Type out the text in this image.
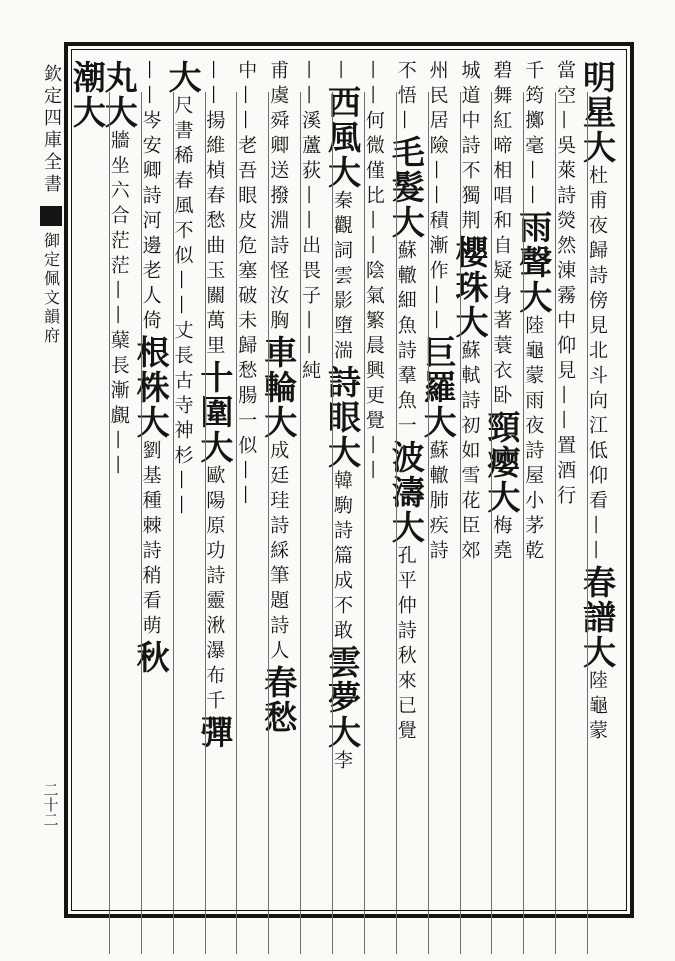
欽定四庫全書
御定佩文韻府
二十二
明星大杜甫夜歸詩傍見北斗向江低仰看——春譜大陸龜蒙
當空—吳萊詩熒然涷霧中仰見——置酒行
千筠擲毫——雨聲大陸龜蒙雨夜詩屋小茅乾
碧舞紅啼相唱和自疑身著蓑衣卧頸瘿大梅堯
城道中詩不獨荆櫻珠大蘇軾詩初如雪花臣郊
州民居險——積漸作——巨羅大蘇轍肺疾詩
不悟—毛髮大蘇轍細魚詩羣魚一波濤大孔平仲詩秋來已覺
——何微僅比——陰氣繁晨興更覺——
—西風大秦觀詞雲影墮湍詩眼大韓駒詩篇成不敢雲夢大李
——溪蘆荻——出畏子——純
甫虞舜卿送撥淵詩怪汝胸車輪大成廷珪詩綵筆題詩人春愁
中——老吾眼皮危塞破未歸愁腸一似——
——揚維楨春愁曲玉關萬里十圍大歐陽原功詩靈湫瀑布千彈
大尺書稀春風不似——丈長古寺神杉——
——岑安卿詩河邊老人倚根株大劉基種棘詩稍看萌秋
丸大牆坐六合茫茫——蘖長漸覰——
潮大
